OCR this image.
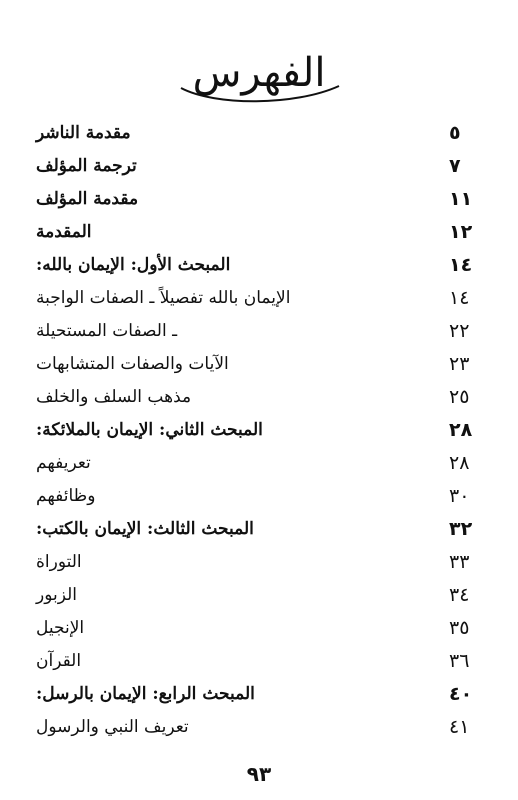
الفهرس
مقدمة الناشر	٥
ترجمة المؤلف	٧
مقدمة المؤلف	١١
المقدمة	١٢
المبحث الأول: الإيمان بالله:	١٤
الإيمان بالله تفصيلاً ـ الصفات الواجبة	١٤
ـ الصفات المستحيلة	٢٢
الآيات والصفات المتشابهات	٢٣
مذهب السلف والخلف	٢٥
المبحث الثاني: الإيمان بالملائكة:	٢٨
تعريفهم	٢٨
وظائفهم	٣٠
المبحث الثالث: الإيمان بالكتب:	٣٢
التوراة	٣٣
الزبور	٣٤
الإنجيل	٣٥
القرآن	٣٦
المبحث الرابع: الإيمان بالرسل:	٤٠
تعريف النبي والرسول	٤١
٩٣
